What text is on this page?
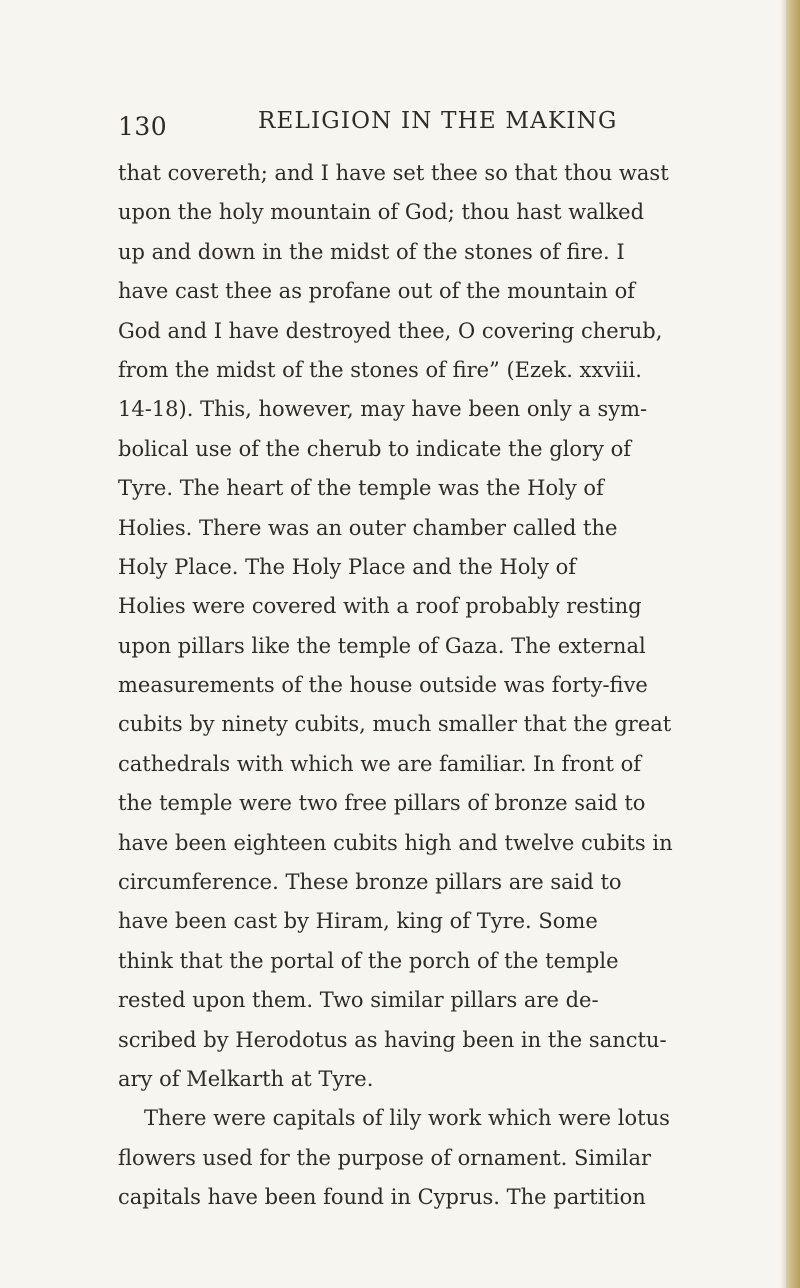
130	RELIGION IN THE MAKING
that covereth; and I have set thee so that thou wast
upon the holy mountain of God; thou hast walked
up and down in the midst of the stones of fire. I
have cast thee as profane out of the mountain of
God and I have destroyed thee, O covering cherub,
from the midst of the stones of fire” (Ezek. xxviii.
14-18). This, however, may have been only a sym-
bolical use of the cherub to indicate the glory of
Tyre. The heart of the temple was the Holy of
Holies. There was an outer chamber called the
Holy Place. The Holy Place and the Holy of
Holies were covered with a roof probably resting
upon pillars like the temple of Gaza. The external
measurements of the house outside was forty-five
cubits by ninety cubits, much smaller that the great
cathedrals with which we are familiar. In front of
the temple were two free pillars of bronze said to
have been eighteen cubits high and twelve cubits in
circumference. These bronze pillars are said to
have been cast by Hiram, king of Tyre. Some
think that the portal of the porch of the temple
rested upon them. Two similar pillars are de-
scribed by Herodotus as having been in the sanctu-
ary of Melkarth at Tyre.
There were capitals of lily work which were lotus
flowers used for the purpose of ornament. Similar
capitals have been found in Cyprus. The partition
